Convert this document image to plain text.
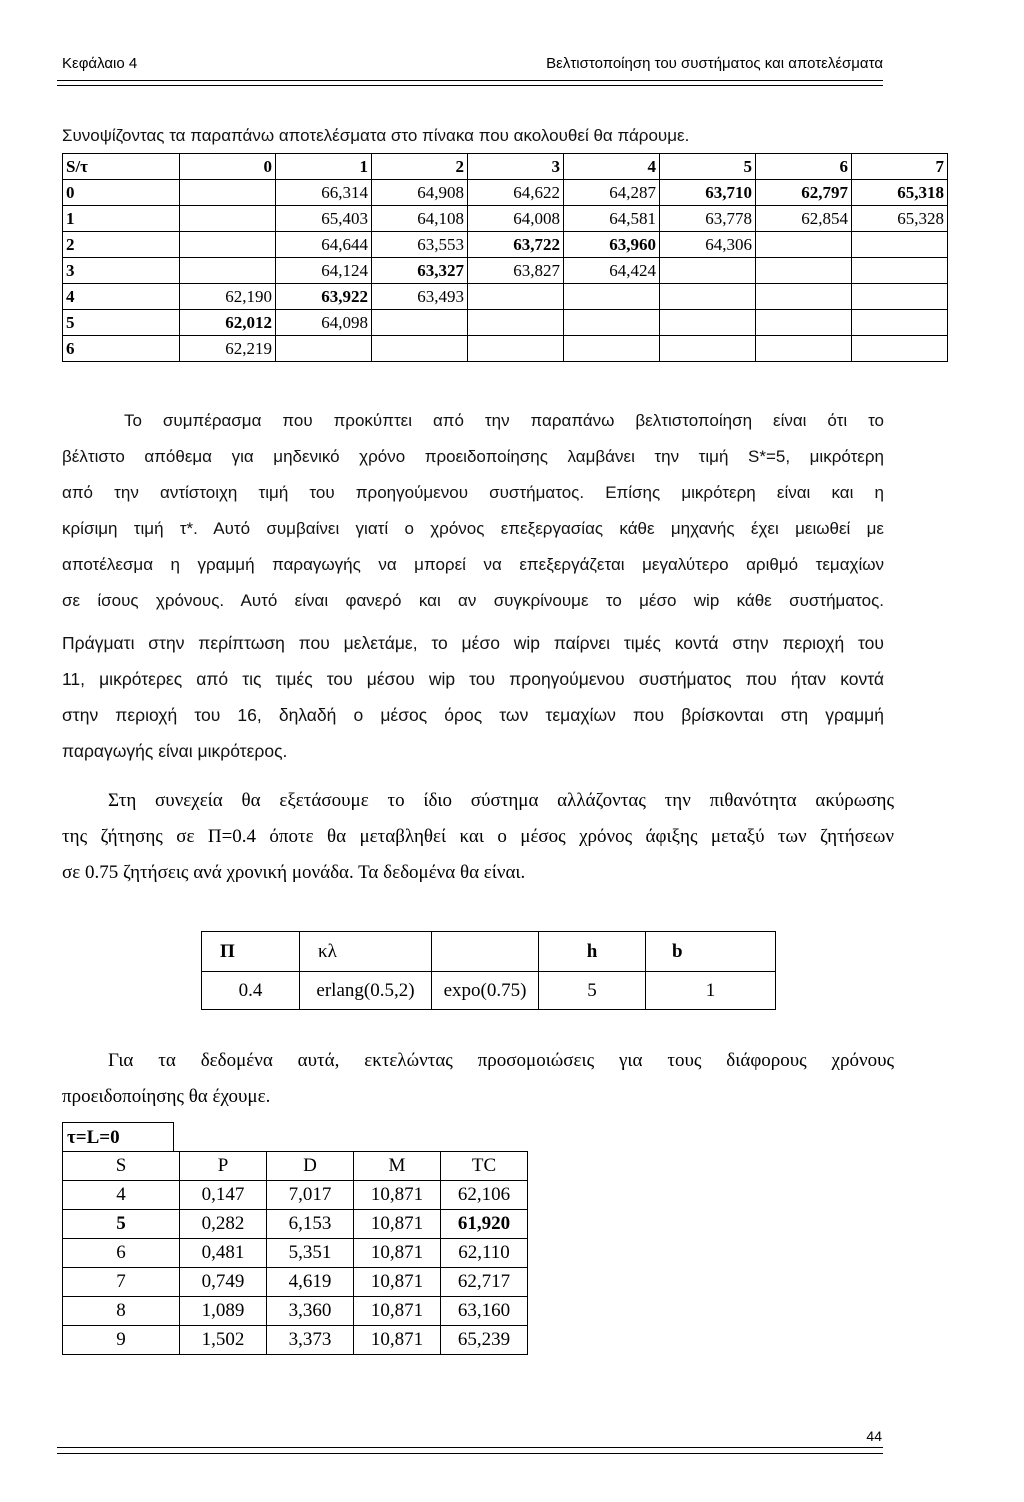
Κεφάλαιο 4	Βελτιστοποίηση του συστήματος και αποτελέσματα
Συνοψίζοντας τα παραπάνω αποτελέσματα στο πίνακα που ακολουθεί θα πάρουμε.
S/τ	0	1	2	3	4	5	6	7
0		66,314	64,908	64,622	64,287	63,710	62,797	65,318
1		65,403	64,108	64,008	64,581	63,778	62,854	65,328
2		64,644	63,553	63,722	63,960	64,306		
3		64,124	63,327	63,827	64,424			
4	62,190	63,922	63,493					
5	62,012	64,098						
6	62,219							
Το συμπέρασμα που προκύπτει από την παραπάνω βελτιστοποίηση είναι ότι το
βέλτιστο απόθεμα για μηδενικό χρόνο προειδοποίησης λαμβάνει την τιμή S*=5, μικρότερη
από την αντίστοιχη τιμή του προηγούμενου συστήματος. Επίσης μικρότερη είναι και η
κρίσιμη τιμή τ*. Αυτό συμβαίνει γιατί ο χρόνος επεξεργασίας κάθε μηχανής έχει μειωθεί με
αποτέλεσμα η γραμμή παραγωγής να μπορεί να επεξεργάζεται μεγαλύτερο αριθμό τεμαχίων
σε ίσους χρόνους. Αυτό είναι φανερό και αν συγκρίνουμε το μέσο wip κάθε συστήματος.
Πράγματι στην περίπτωση που μελετάμε, το μέσο wip παίρνει τιμές κοντά στην περιοχή του
11, μικρότερες από τις τιμές του μέσου wip του προηγούμενου συστήματος που ήταν κοντά
στην περιοχή του 16, δηλαδή ο μέσος όρος των τεμαχίων που βρίσκονται στη γραμμή
παραγωγής είναι μικρότερος.
Στη συνεχεία θα εξετάσουμε το ίδιο σύστημα αλλάζοντας την πιθανότητα ακύρωσης
της ζήτησης σε Π=0.4 όποτε θα μεταβληθεί και ο μέσος χρόνος άφιξης μεταξύ των ζητήσεων
σε 0.75 ζητήσεις ανά χρονική μονάδα. Τα δεδομένα θα είναι.
Π	κλ		h	b
0.4	erlang(0.5,2)	expo(0.75)	5	1
Για τα δεδομένα αυτά, εκτελώντας προσομοιώσεις για τους διάφορους χρόνους
προειδοποίησης θα έχουμε.
τ=L=0
S	P	D	M	TC
4	0,147	7,017	10,871	62,106
5	0,282	6,153	10,871	61,920
6	0,481	5,351	10,871	62,110
7	0,749	4,619	10,871	62,717
8	1,089	3,360	10,871	63,160
9	1,502	3,373	10,871	65,239
44
